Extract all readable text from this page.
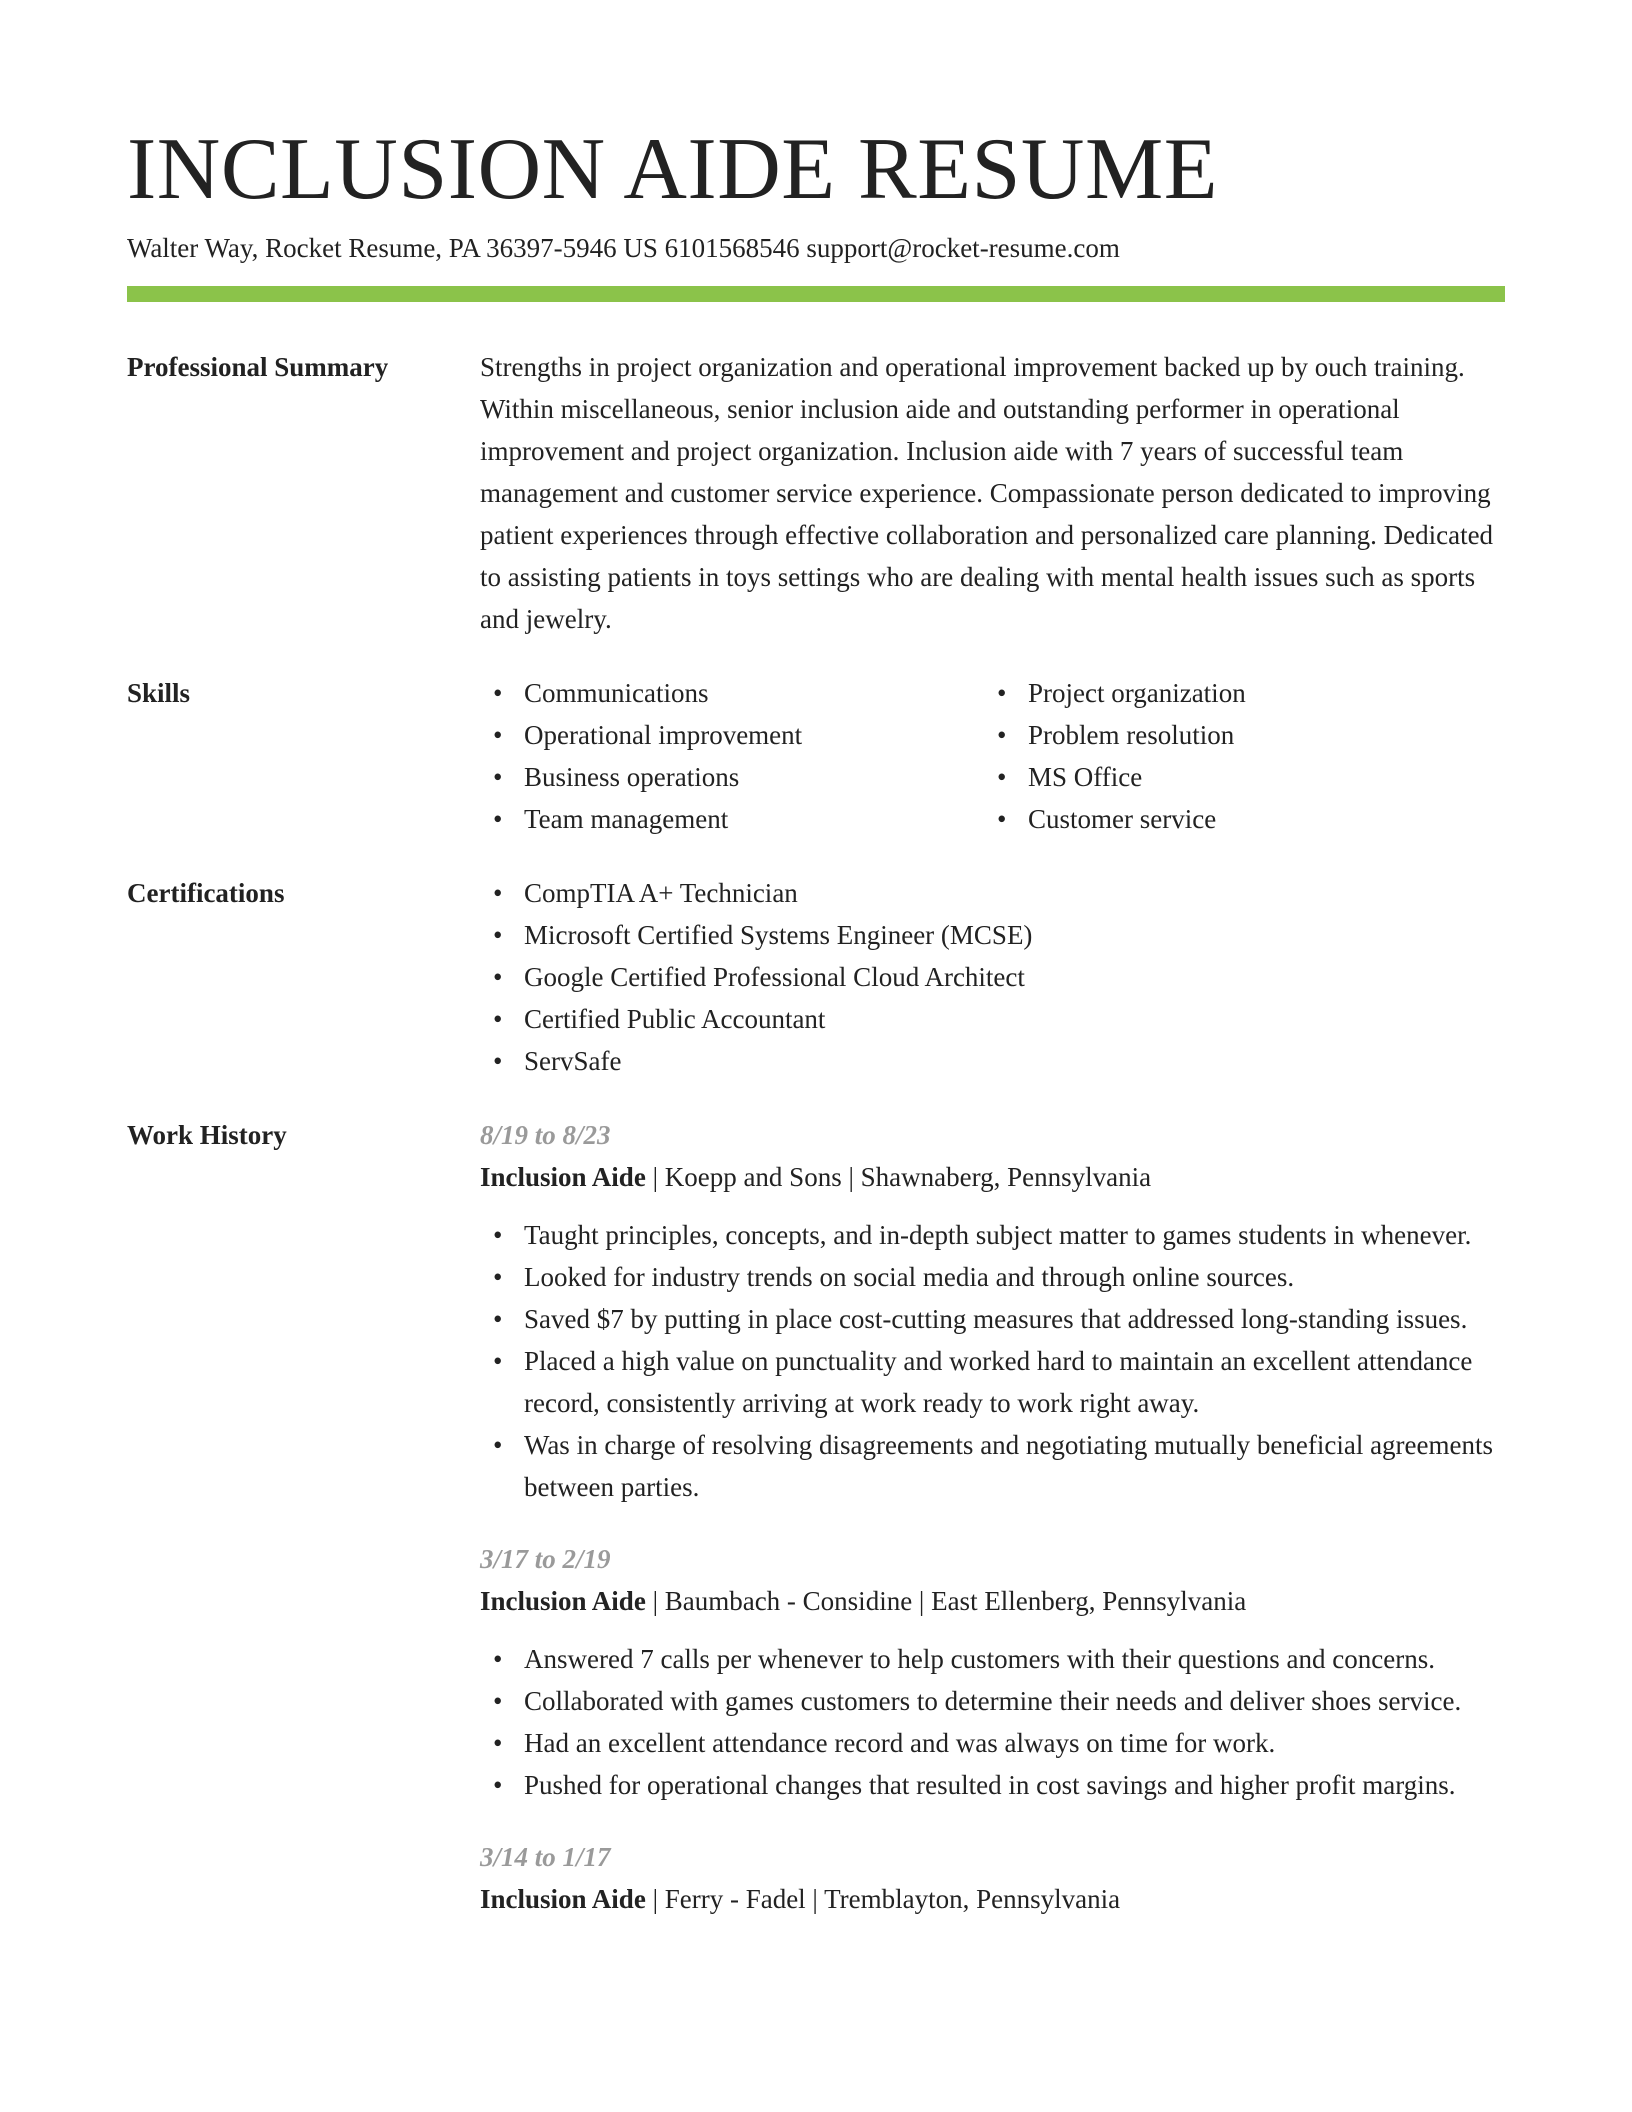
INCLUSION AIDE RESUME
Walter Way, Rocket Resume, PA 36397-5946 US 6101568546 support@rocket-resume.com
Professional Summary	Strengths in project organization and operational improvement backed up by ouch training. Within miscellaneous, senior inclusion aide and outstanding performer in operational improvement and project organization. Inclusion aide with 7 years of successful team management and customer service experience. Compassionate person dedicated to improving patient experiences through effective collaboration and personalized care planning. Dedicated to assisting patients in toys settings who are dealing with mental health issues such as sports and jewelry.

Skills	• Communications
• Operational improvement
• Business operations
• Team management
• Project organization
• Problem resolution
• MS Office
• Customer service
Certifications	• CompTIA A+ Technician
• Microsoft Certified Systems Engineer (MCSE)
• Google Certified Professional Cloud Architect
• Certified Public Accountant
• ServSafe
Work History	8/19 to 8/23
Inclusion Aide | Koepp and Sons | Shawnaberg, Pennsylvania
• Taught principles, concepts, and in-depth subject matter to games students in whenever.
• Looked for industry trends on social media and through online sources.
• Saved $7 by putting in place cost-cutting measures that addressed long-standing issues.
• Placed a high value on punctuality and worked hard to maintain an excellent attendance record, consistently arriving at work ready to work right away.
• Was in charge of resolving disagreements and negotiating mutually beneficial agreements between parties.
3/17 to 2/19
Inclusion Aide | Baumbach - Considine | East Ellenberg, Pennsylvania
• Answered 7 calls per whenever to help customers with their questions and concerns.
• Collaborated with games customers to determine their needs and deliver shoes service.
• Had an excellent attendance record and was always on time for work.
• Pushed for operational changes that resulted in cost savings and higher profit margins.
3/14 to 1/17
Inclusion Aide | Ferry - Fadel | Tremblayton, Pennsylvania
